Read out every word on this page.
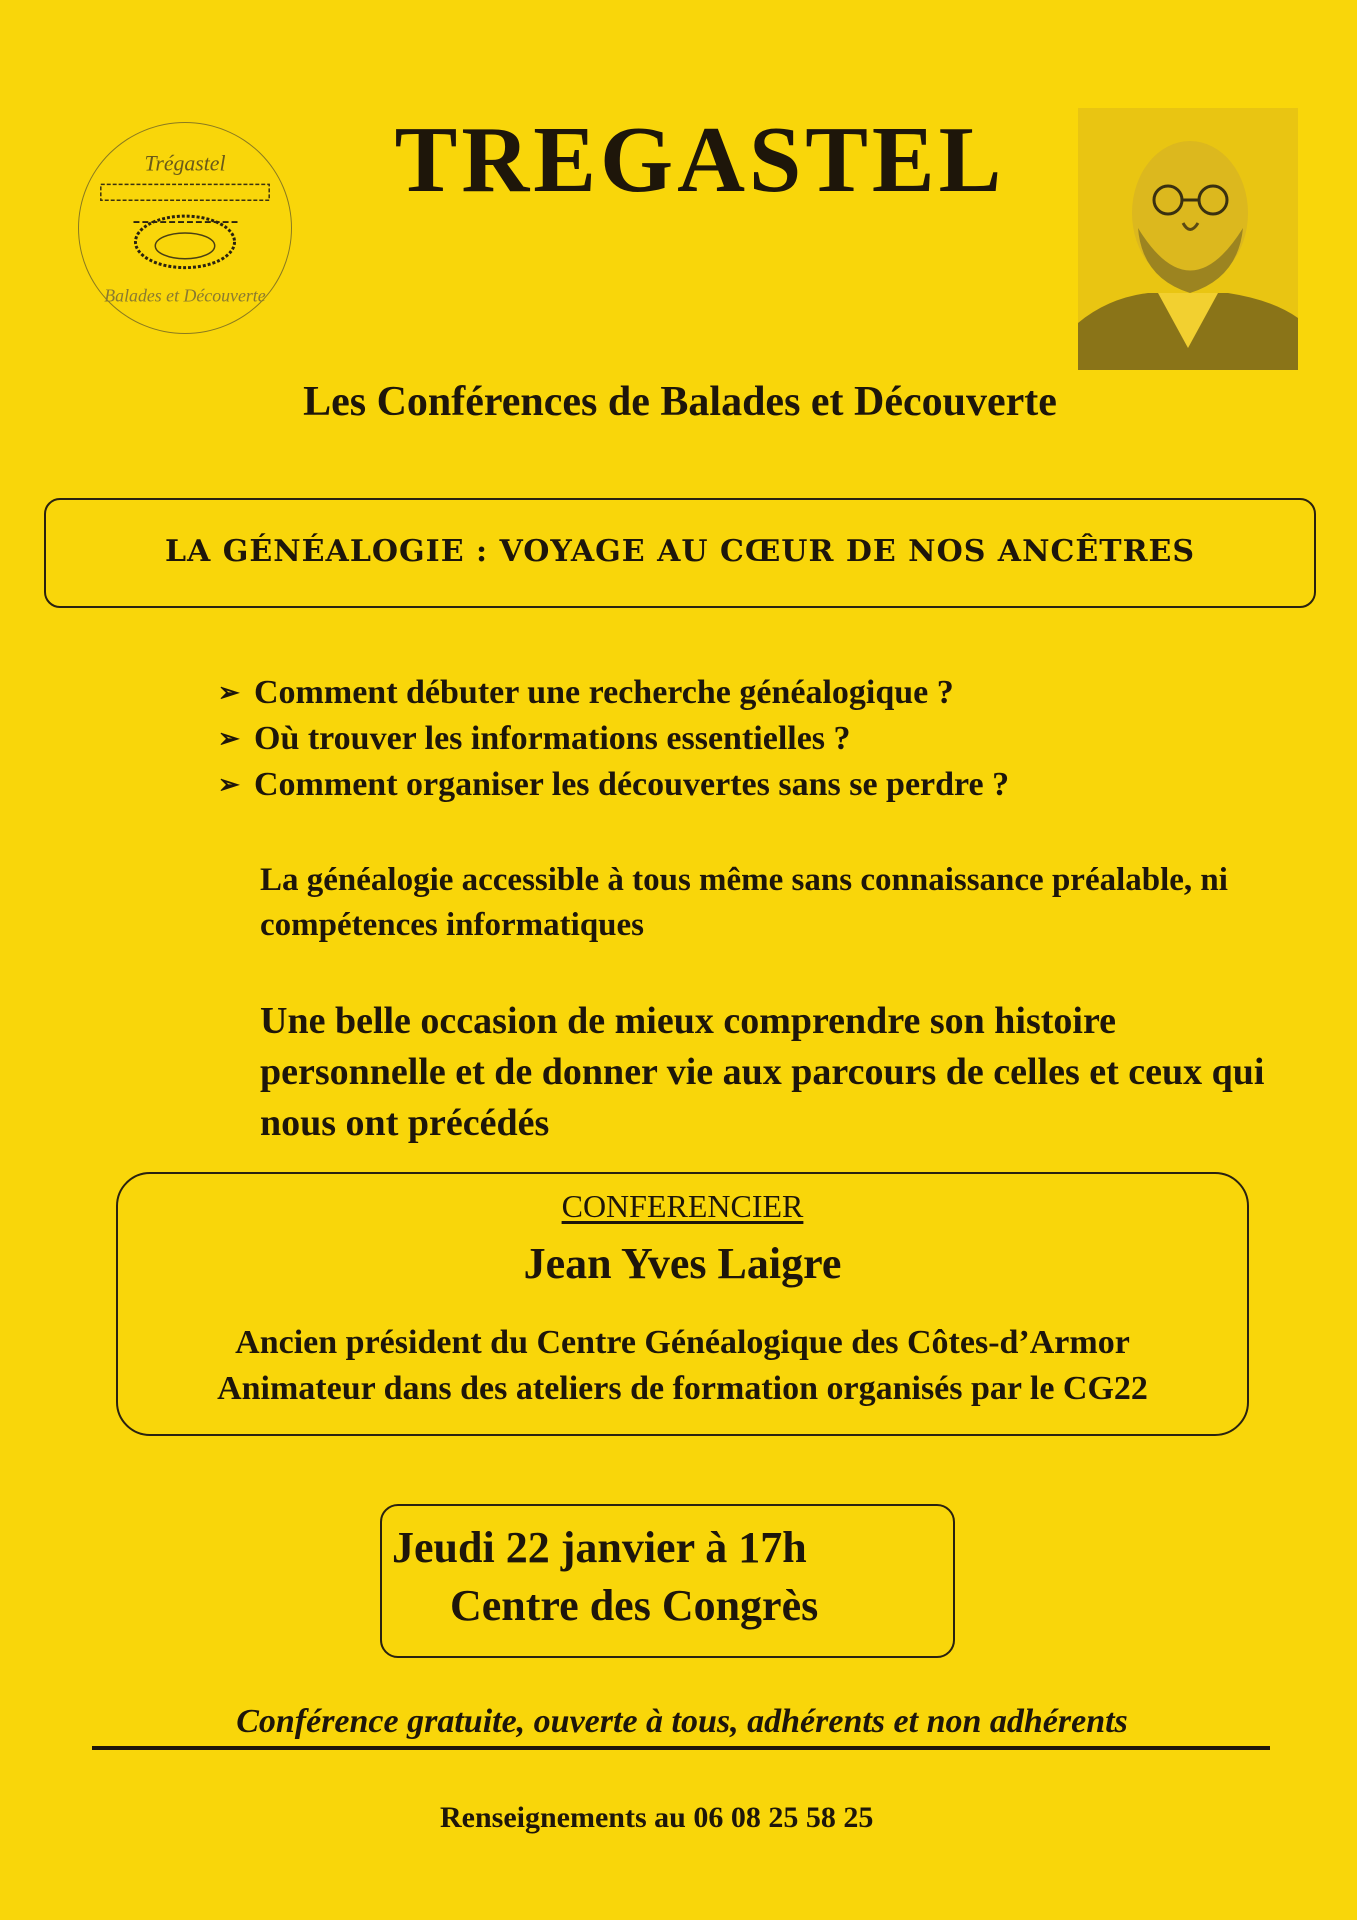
Trégastel
Balades et Découverte
TREGASTEL
Les Conférences de Balades et Découverte
LA GÉNÉALOGIE : VOYAGE AU CŒUR DE NOS ANCÊTRES
➢ Comment débuter une recherche généalogique ?
➢ Où trouver les informations essentielles ?
➢ Comment organiser les découvertes sans se perdre ?
La généalogie accessible à tous même sans connaissance préalable, ni compétences informatiques
Une belle occasion de mieux comprendre son histoire personnelle et de donner vie aux parcours de celles et ceux qui nous ont précédés
CONFERENCIER
Jean Yves Laigre
Ancien président du Centre Généalogique des Côtes-d’Armor
Animateur dans des ateliers de formation organisés par le CG22
Jeudi 22 janvier à 17h
Centre des Congrès
Conférence gratuite, ouverte à tous, adhérents et non adhérents
Renseignements au 06 08 25 58 25
